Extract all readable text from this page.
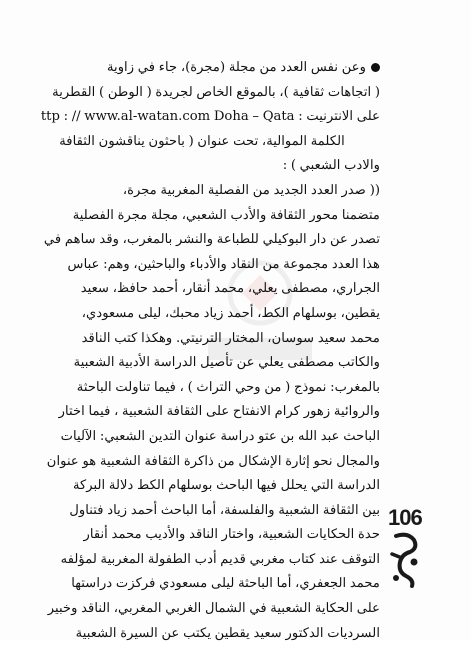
وعن نفس العدد من مجلة (مجرة)، جاء في زاوية
( اتجاهات ثقافية )، بالموقع الخاص لجريدة ( الوطن ) القطرية
على الانترنيت : ttp : // www.al-watan.com Doha – Qata
الكلمة الموالية، تحت عنوان ( باحثون يناقشون الثقافة
والادب الشعبي ) :
(( صدر العدد الجديد من الفصلية المغربية مجرة،
متضمنا محور الثقافة والأدب الشعبي، مجلة مجرة الفصلية
تصدر عن دار البوكيلي للطباعة والنشر بالمغرب، وقد ساهم في
هذا العدد مجموعة من النقاد والأدباء والباحثين، وهم: عباس
الجراري، مصطفى يعلي، محمد أنقار، أحمد حافظ، سعيد
يقطين، بوسلهام الكط، أحمد زياد محبك، ليلى مسعودي،
محمد سعيد سوسان، المختار الترنيتي. وهكذا كتب الناقد
والكاتب مصطفى يعلي عن تأصيل الدراسة الأدبية الشعبية
بالمغرب: نموذج ( من وحي التراث ) ، فيما تناولت الباحثة
والروائية زهور كرام الانفتاح على الثقافة الشعبية ، فيما اختار
الباحث عبد الله بن عتو دراسة عنوان التدين الشعبي: الآليات
والمجال نحو إثارة الإشكال من ذاكرة الثقافة الشعبية هو عنوان
الدراسة التي يحلل فيها الباحث بوسلهام الكط دلالة البركة
بين الثقافة الشعبية والفلسفة، أما الباحث أحمد زياد فتناول
حدة الحكايات الشعبية، واختار الناقد والأديب محمد أنقار
التوقف عند كتاب مغربي قديم أدب الطفولة المغربية لمؤلفه
محمد الجعفري، أما الباحثة ليلى مسعودي فركزت دراستها
على الحكاية الشعبية في الشمال الغربي المغربي، الناقد وخبير
السرديات الدكتور سعيد يقطين يكتب عن السيرة الشعبية
106
